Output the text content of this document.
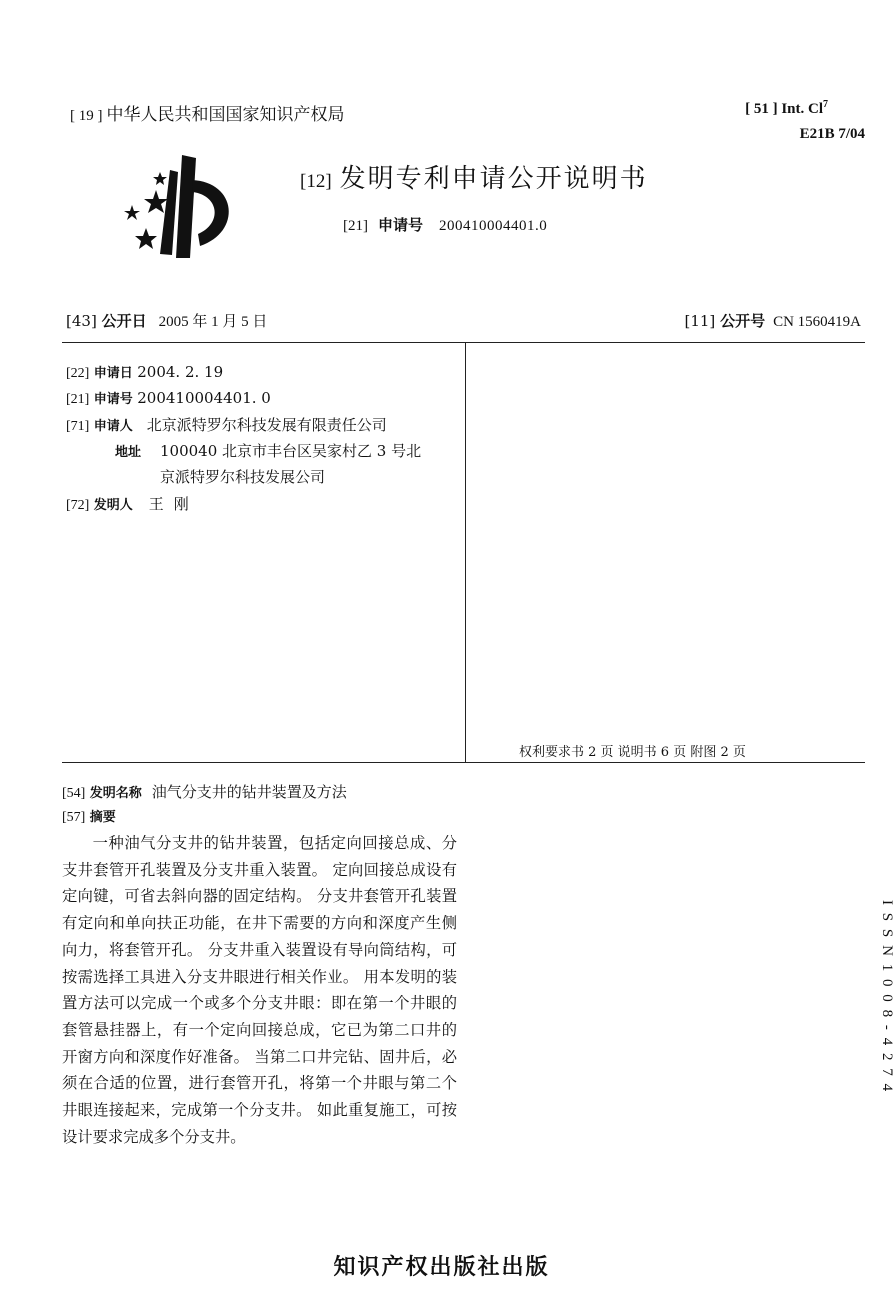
[ 19 ] 中华人民共和国国家知识产权局	[ 51 ] Int. Cl$^7$
E21B 7/04
[12] 发明专利申请公开说明书
[21] 申请号 200410004401.0
[43] 公开日 2005 年 1 月 5 日	[11] 公开号 CN 1560419A
[22] 申请日 2004. 2. 19
[21] 申请号 200410004401. 0
[71] 申请人 北京派特罗尔科技发展有限责任公司
地址 100040 北京市丰台区吴家村乙 3 号北
京派特罗尔科技发展公司
[72] 发明人 王刚
权利要求书 2 页 说明书 6 页 附图 2 页
[54] 发明名称 油气分支井的钻井装置及方法
[57] 摘要

一种油气分支井的钻井装置，包括定向回接总成、分支井套管开孔装置及分支井重入装置。 定向回接总成设有定向键，可省去斜向器的固定结构。 分支井套管开孔装置有定向和单向扶正功能，在井下需要的方向和深度产生侧向力，将套管开孔。 分支井重入装置设有导向筒结构，可按需选择工具进入分支井眼进行相关作业。 用本发明的装置方法可以完成一个或多个分支井眼：即在第一个井眼的套管悬挂器上，有一个定向回接总成，它已为第二口井的开窗方向和深度作好准备。 当第二口井完钻、固井后，必须在合适的位置，进行套管开孔，将第一个井眼与第二个井眼连接起来，完成第一个分支井。 如此重复施工，可按设计要求完成多个分支井。

ISSN1008-4274
知识产权出版社出版
